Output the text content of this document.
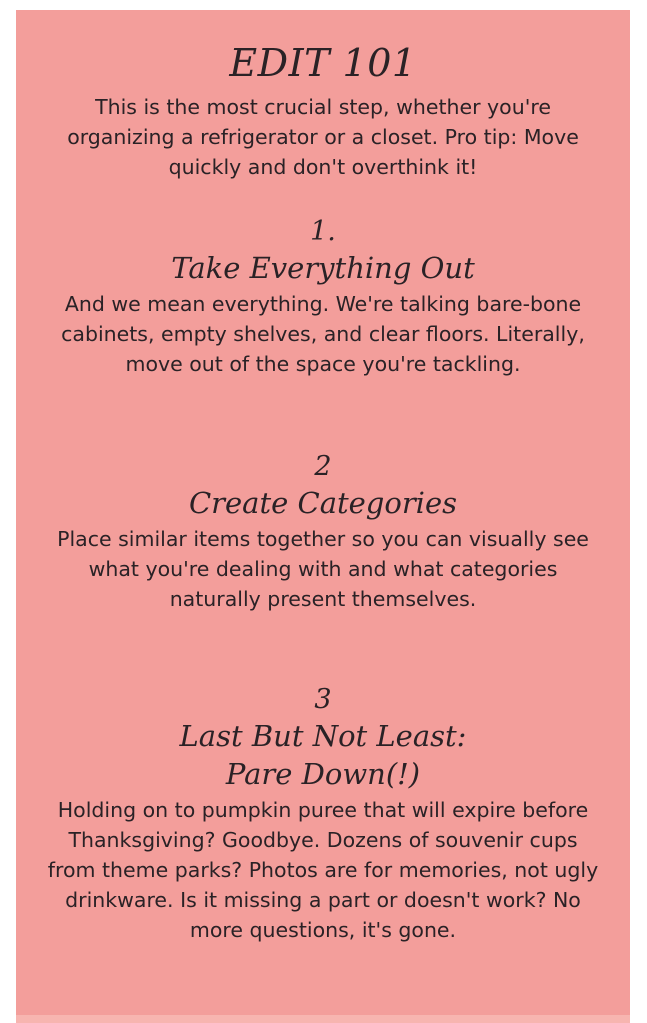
EDIT 101

This is the most crucial step, whether you're organizing a refrigerator or a closet. Pro tip: Move quickly and don't overthink it!

1.

Take Everything Out

And we mean everything. We're talking bare-bone cabinets, empty shelves, and clear floors. Literally, move out of the space you're tackling.

2

Create Categories

Place similar items together so you can visually see what you're dealing with and what categories naturally present themselves.

3

Last But Not Least:
Pare Down(!)

Holding on to pumpkin puree that will expire before Thanksgiving? Goodbye. Dozens of souvenir cups from theme parks? Photos are for memories, not ugly drinkware. Is it missing a part or doesn't work? No more questions, it's gone.
